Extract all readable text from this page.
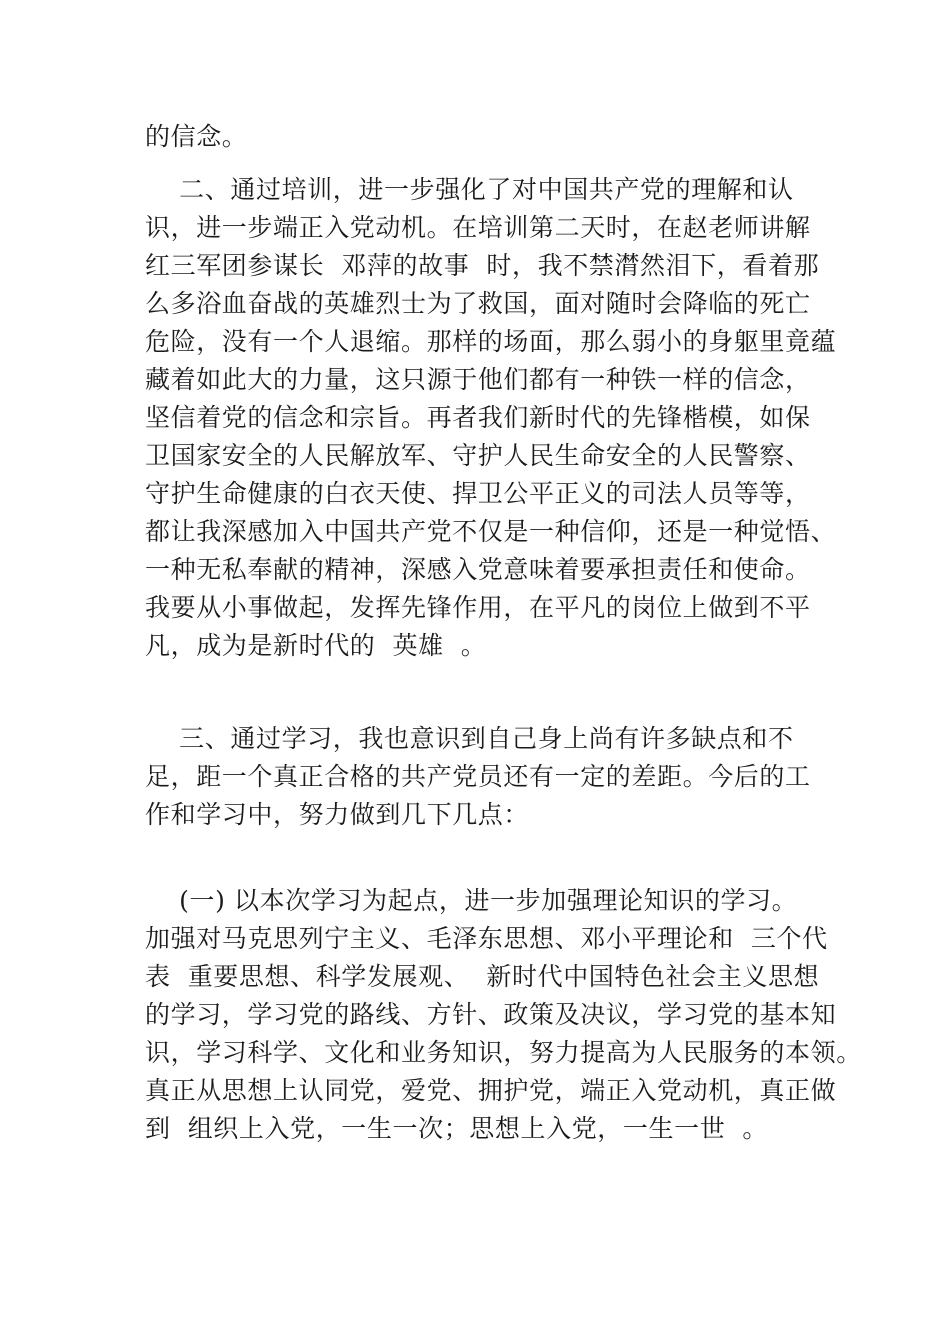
的信念。
二、通过培训，进一步强化了对中国共产党的理解和认
识，进一步端正入党动机。在培训第二天时，在赵老师讲解
红三军团参谋长  邓萍的故事  时，我不禁潸然泪下，看着那
么多浴血奋战的英雄烈士为了救国，面对随时会降临的死亡
危险，没有一个人退缩。那样的场面，那么弱小的身躯里竟蕴
藏着如此大的力量，这只源于他们都有一种铁一样的信念，
坚信着党的信念和宗旨。再者我们新时代的先锋楷模，如保
卫国家安全的人民解放军、守护人民生命安全的人民警察、
守护生命健康的白衣天使、捍卫公平正义的司法人员等等，
都让我深感加入中国共产党不仅是一种信仰，还是一种觉悟、
一种无私奉献的精神，深感入党意味着要承担责任和使命。
我要从小事做起，发挥先锋作用，在平凡的岗位上做到不平
凡，成为是新时代的  英雄  。
三、通过学习，我也意识到自己身上尚有许多缺点和不
足，距一个真正合格的共产党员还有一定的差距。今后的工
作和学习中，努力做到几下几点：
(一) 以本次学习为起点，进一步加强理论知识的学习。
加强对马克思列宁主义、毛泽东思想、邓小平理论和  三个代
表  重要思想、科学发展观、  新时代中国特色社会主义思想
的学习，学习党的路线、方针、政策及决议，学习党的基本知
识，学习科学、文化和业务知识，努力提高为人民服务的本领。
真正从思想上认同党，爱党、拥护党，端正入党动机，真正做
到  组织上入党，一生一次；思想上入党，一生一世  。
